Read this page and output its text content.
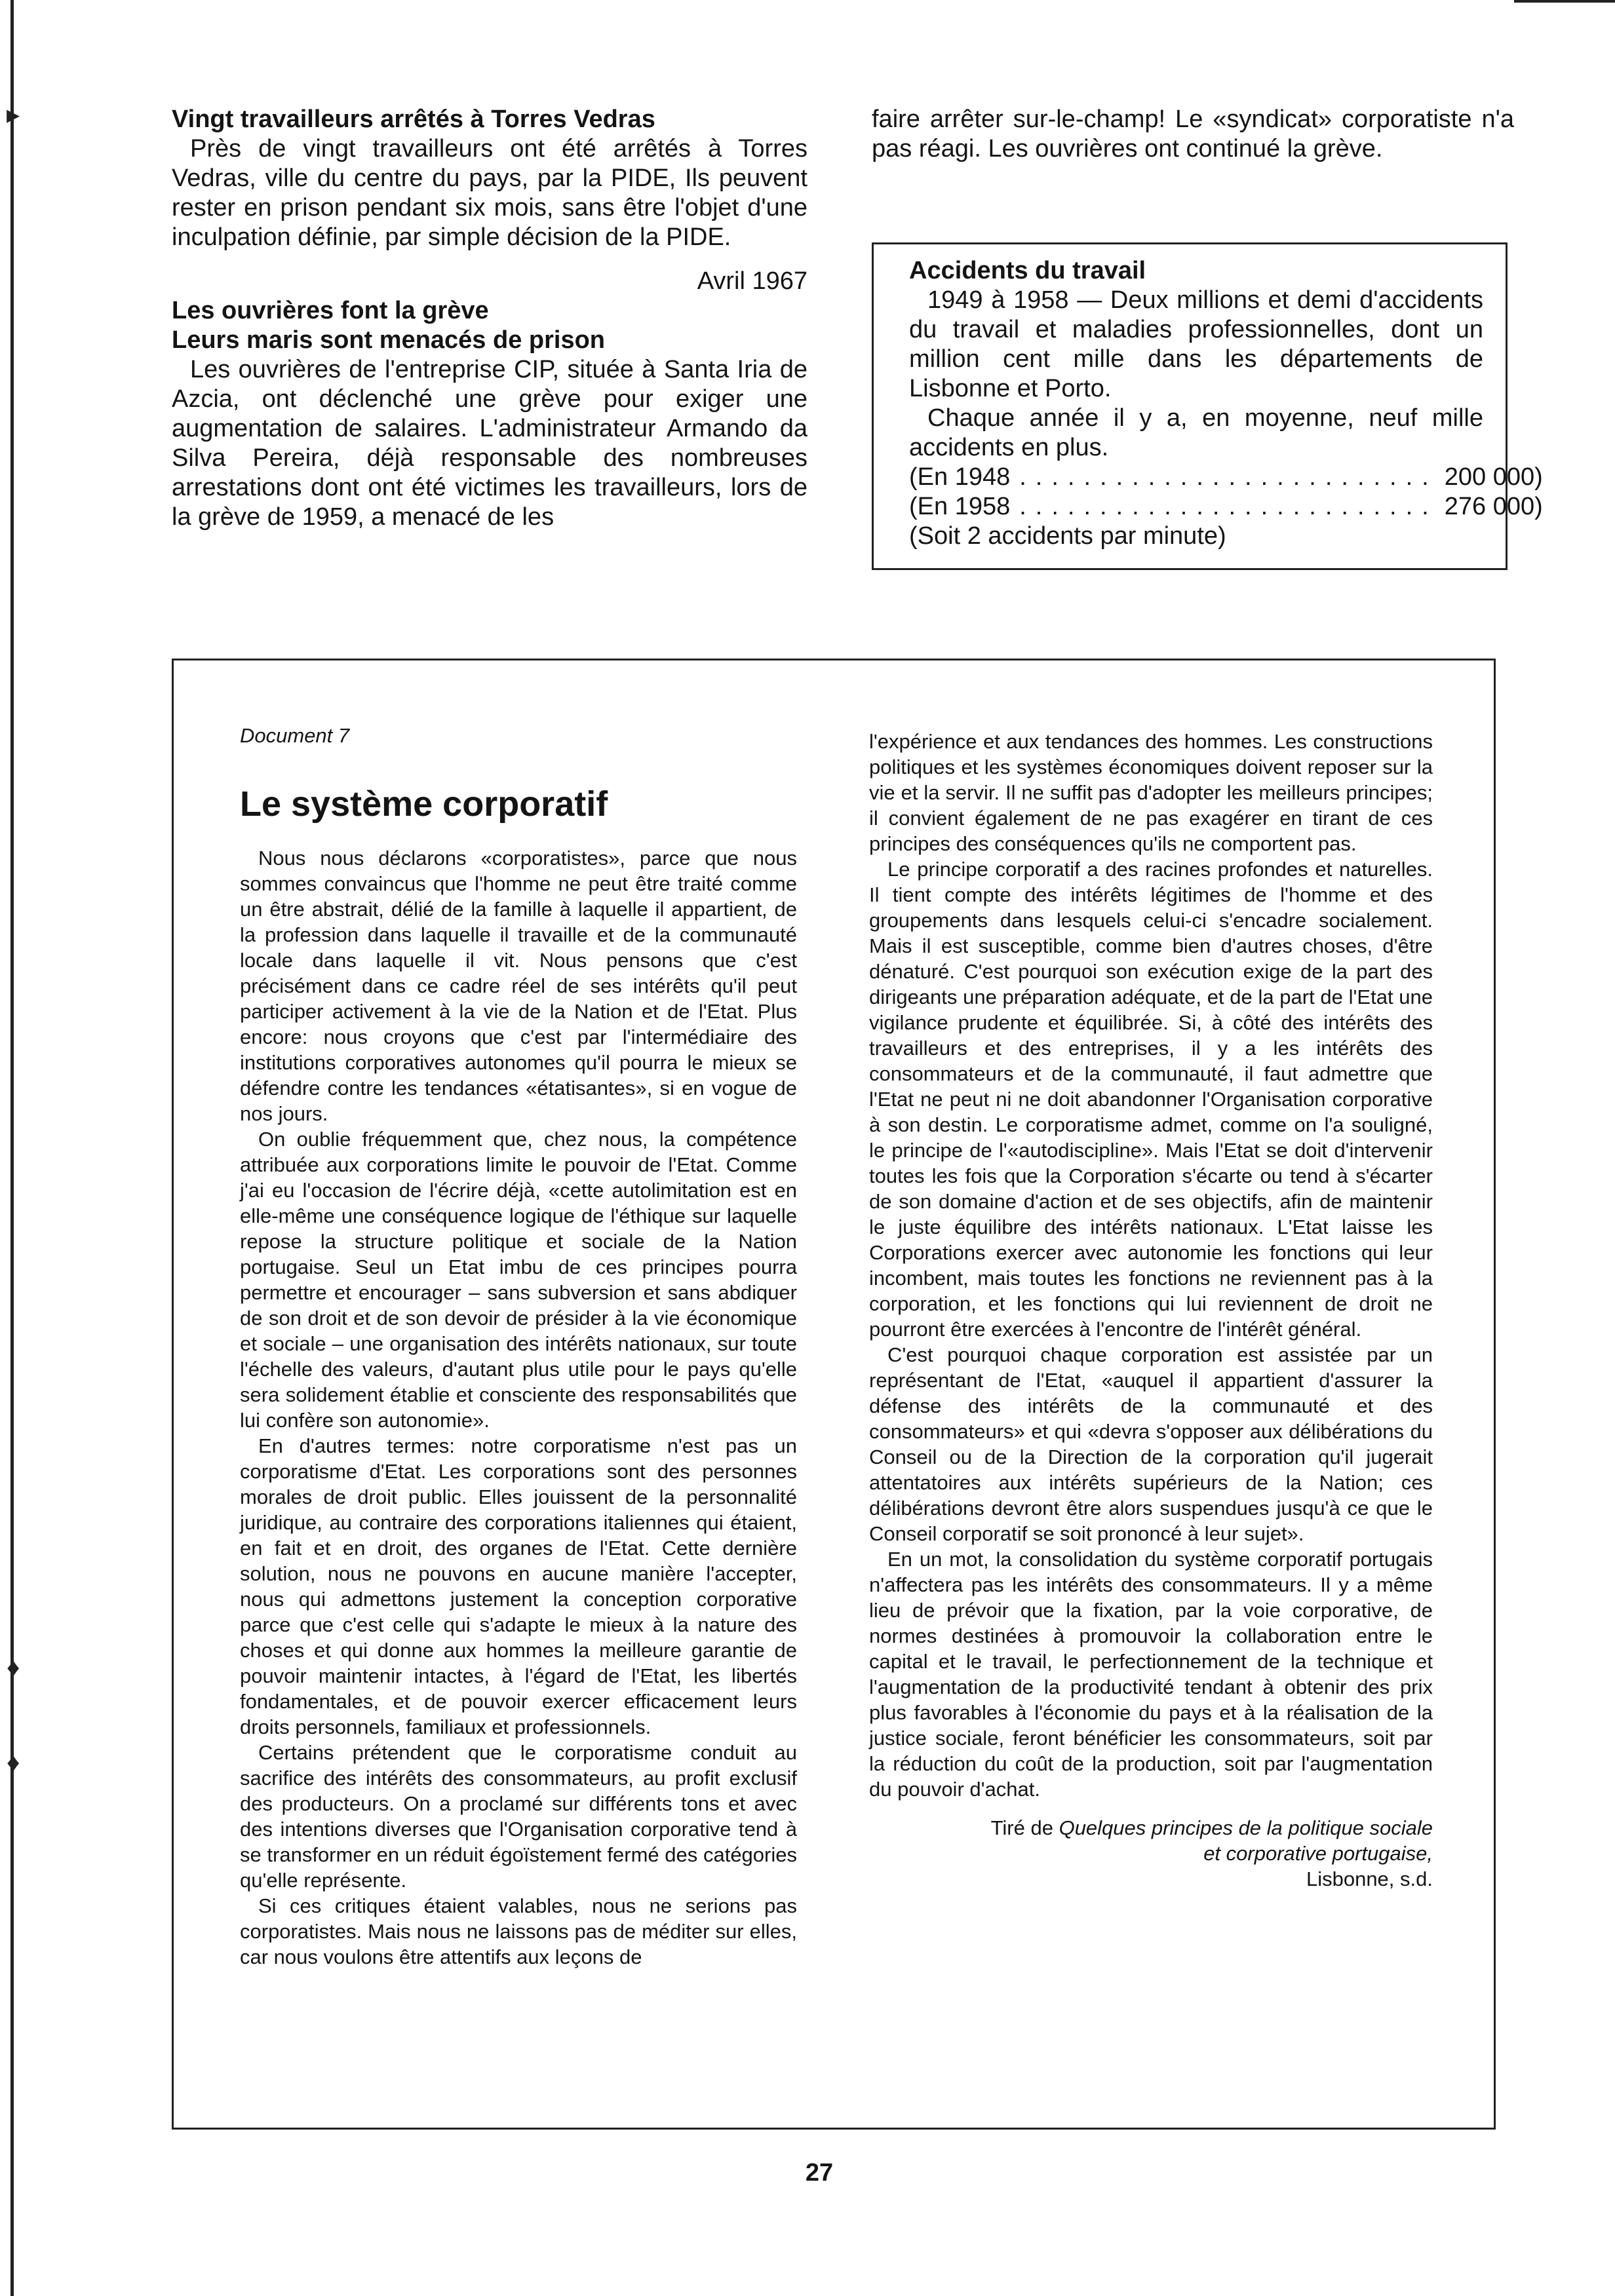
▸
♦
♦
Vingt travailleurs arrêtés à Torres Vedras

Près de vingt travailleurs ont été arrêtés à Torres Vedras, ville du centre du pays, par la PIDE, Ils peuvent rester en prison pendant six mois, sans être l'objet d'une inculpation définie, par simple décision de la PIDE.

Avril 1967

Les ouvrières font la grève
Leurs maris sont menacés de prison

Les ouvrières de l'entreprise CIP, située à Santa Iria de Azcia, ont déclenché une grève pour exiger une augmentation de salaires. L'administrateur Armando da Silva Pereira, déjà responsable des nombreuses arrestations dont ont été victimes les travailleurs, lors de la grève de 1959, a menacé de les

faire arrêter sur-le-champ! Le «syndicat» corporatiste n'a pas réagi. Les ouvrières ont continué la grève.

Accidents du travail

1949 à 1958 — Deux millions et demi d'accidents du travail et maladies professionnelles, dont un million cent mille dans les départements de Lisbonne et Porto.

Chaque année il y a, en moyenne, neuf mille accidents en plus.

(En 1948 .......................... 200 000)
(En 1958 .......................... 276 000)
(Soit 2 accidents par minute)
Document 7
Le système corporatif

Nous nous déclarons «corporatistes», parce que nous sommes convaincus que l'homme ne peut être traité comme un être abstrait, délié de la famille à laquelle il appartient, de la profession dans laquelle il travaille et de la communauté locale dans laquelle il vit. Nous pensons que c'est précisément dans ce cadre réel de ses intérêts qu'il peut participer activement à la vie de la Nation et de l'Etat. Plus encore: nous croyons que c'est par l'intermédiaire des institutions corporatives autonomes qu'il pourra le mieux se défendre contre les tendances «étatisantes», si en vogue de nos jours.

On oublie fréquemment que, chez nous, la compétence attribuée aux corporations limite le pouvoir de l'Etat. Comme j'ai eu l'occasion de l'écrire déjà, «cette autolimitation est en elle-même une conséquence logique de l'éthique sur laquelle repose la structure politique et sociale de la Nation portugaise. Seul un Etat imbu de ces principes pourra permettre et encourager – sans subversion et sans abdiquer de son droit et de son devoir de présider à la vie économique et sociale – une organisation des intérêts nationaux, sur toute l'échelle des valeurs, d'autant plus utile pour le pays qu'elle sera solidement établie et consciente des responsabilités que lui confère son autonomie».

En d'autres termes: notre corporatisme n'est pas un corporatisme d'Etat. Les corporations sont des personnes morales de droit public. Elles jouissent de la personnalité juridique, au contraire des corporations italiennes qui étaient, en fait et en droit, des organes de l'Etat. Cette dernière solution, nous ne pouvons en aucune manière l'accepter, nous qui admettons justement la conception corporative parce que c'est celle qui s'adapte le mieux à la nature des choses et qui donne aux hommes la meilleure garantie de pouvoir maintenir intactes, à l'égard de l'Etat, les libertés fondamentales, et de pouvoir exercer efficacement leurs droits personnels, familiaux et professionnels.

Certains prétendent que le corporatisme conduit au sacrifice des intérêts des consommateurs, au profit exclusif des producteurs. On a proclamé sur différents tons et avec des intentions diverses que l'Organisation corporative tend à se transformer en un réduit égoïstement fermé des catégories qu'elle représente.

Si ces critiques étaient valables, nous ne serions pas corporatistes. Mais nous ne laissons pas de méditer sur elles, car nous voulons être attentifs aux leçons de

l'expérience et aux tendances des hommes. Les constructions politiques et les systèmes économiques doivent reposer sur la vie et la servir. Il ne suffit pas d'adopter les meilleurs principes; il convient également de ne pas exagérer en tirant de ces principes des conséquences qu'ils ne comportent pas.

Le principe corporatif a des racines profondes et naturelles. Il tient compte des intérêts légitimes de l'homme et des groupements dans lesquels celui-ci s'encadre socialement. Mais il est susceptible, comme bien d'autres choses, d'être dénaturé. C'est pourquoi son exécution exige de la part des dirigeants une préparation adéquate, et de la part de l'Etat une vigilance prudente et équilibrée. Si, à côté des intérêts des travailleurs et des entreprises, il y a les intérêts des consommateurs et de la communauté, il faut admettre que l'Etat ne peut ni ne doit abandonner l'Organisation corporative à son destin. Le corporatisme admet, comme on l'a souligné, le principe de l'«autodiscipline». Mais l'Etat se doit d'intervenir toutes les fois que la Corporation s'écarte ou tend à s'écarter de son domaine d'action et de ses objectifs, afin de maintenir le juste équilibre des intérêts nationaux. L'Etat laisse les Corporations exercer avec autonomie les fonctions qui leur incombent, mais toutes les fonctions ne reviennent pas à la corporation, et les fonctions qui lui reviennent de droit ne pourront être exercées à l'encontre de l'intérêt général.

C'est pourquoi chaque corporation est assistée par un représentant de l'Etat, «auquel il appartient d'assurer la défense des intérêts de la communauté et des consommateurs» et qui «devra s'opposer aux délibérations du Conseil ou de la Direction de la corporation qu'il jugerait attentatoires aux intérêts supérieurs de la Nation; ces délibérations devront être alors suspendues jusqu'à ce que le Conseil corporatif se soit prononcé à leur sujet».

En un mot, la consolidation du système corporatif portugais n'affectera pas les intérêts des consommateurs. Il y a même lieu de prévoir que la fixation, par la voie corporative, de normes destinées à promouvoir la collaboration entre le capital et le travail, le perfectionnement de la technique et l'augmentation de la productivité tendant à obtenir des prix plus favorables à l'économie du pays et à la réalisation de la justice sociale, feront bénéficier les consommateurs, soit par la réduction du coût de la production, soit par l'augmentation du pouvoir d'achat.

Tiré de Quelques principes de la politique sociale
et corporative portugaise,
Lisbonne, s.d.
27
